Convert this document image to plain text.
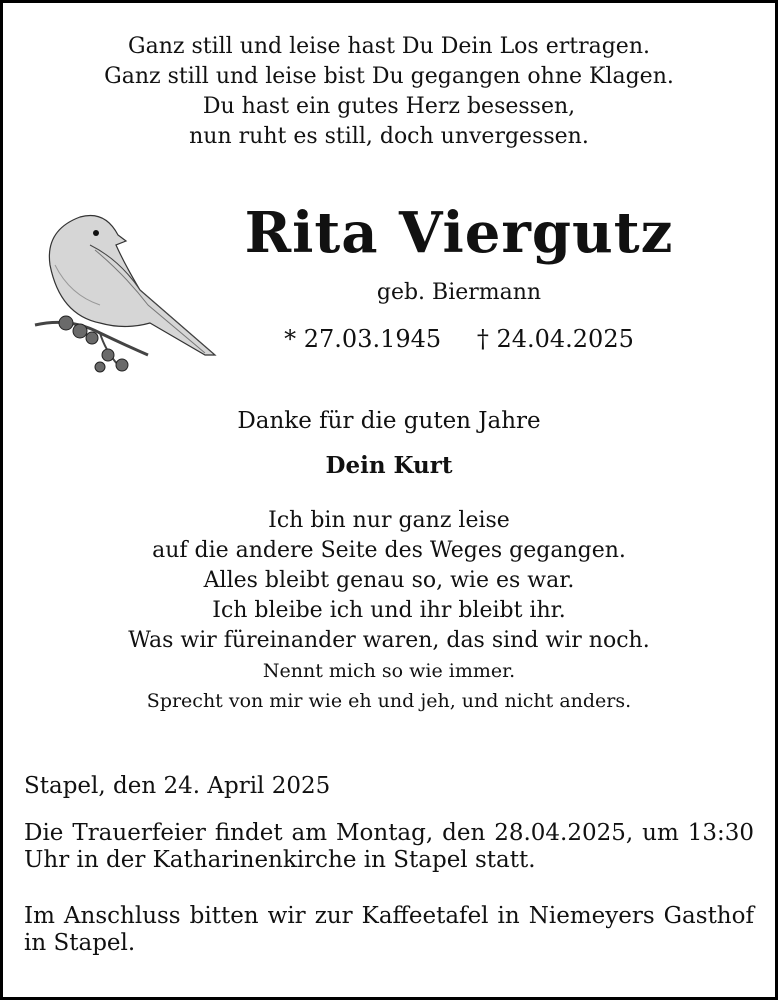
Ganz still und leise hast Du Dein Los ertragen.
Ganz still und leise bist Du gegangen ohne Klagen.
Du hast ein gutes Herz besessen,
nun ruht es still, doch unvergessen.
Rita Viergutz
geb. Biermann
* 27.03.1945 † 24.04.2025
Danke für die guten Jahre
Dein Kurt
Ich bin nur ganz leise
auf die andere Seite des Weges gegangen.
Alles bleibt genau so, wie es war.
Ich bleibe ich und ihr bleibt ihr.
Was wir füreinander waren, das sind wir noch.
Nennt mich so wie immer.
Sprecht von mir wie eh und jeh, und nicht anders.
Stapel, den 24. April 2025
Die Trauerfeier findet am Montag, den 28.04.2025, um 13:30 Uhr in der Katharinenkirche in Stapel statt.
Im Anschluss bitten wir zur Kaffeetafel in Niemeyers Gasthof in Stapel.
